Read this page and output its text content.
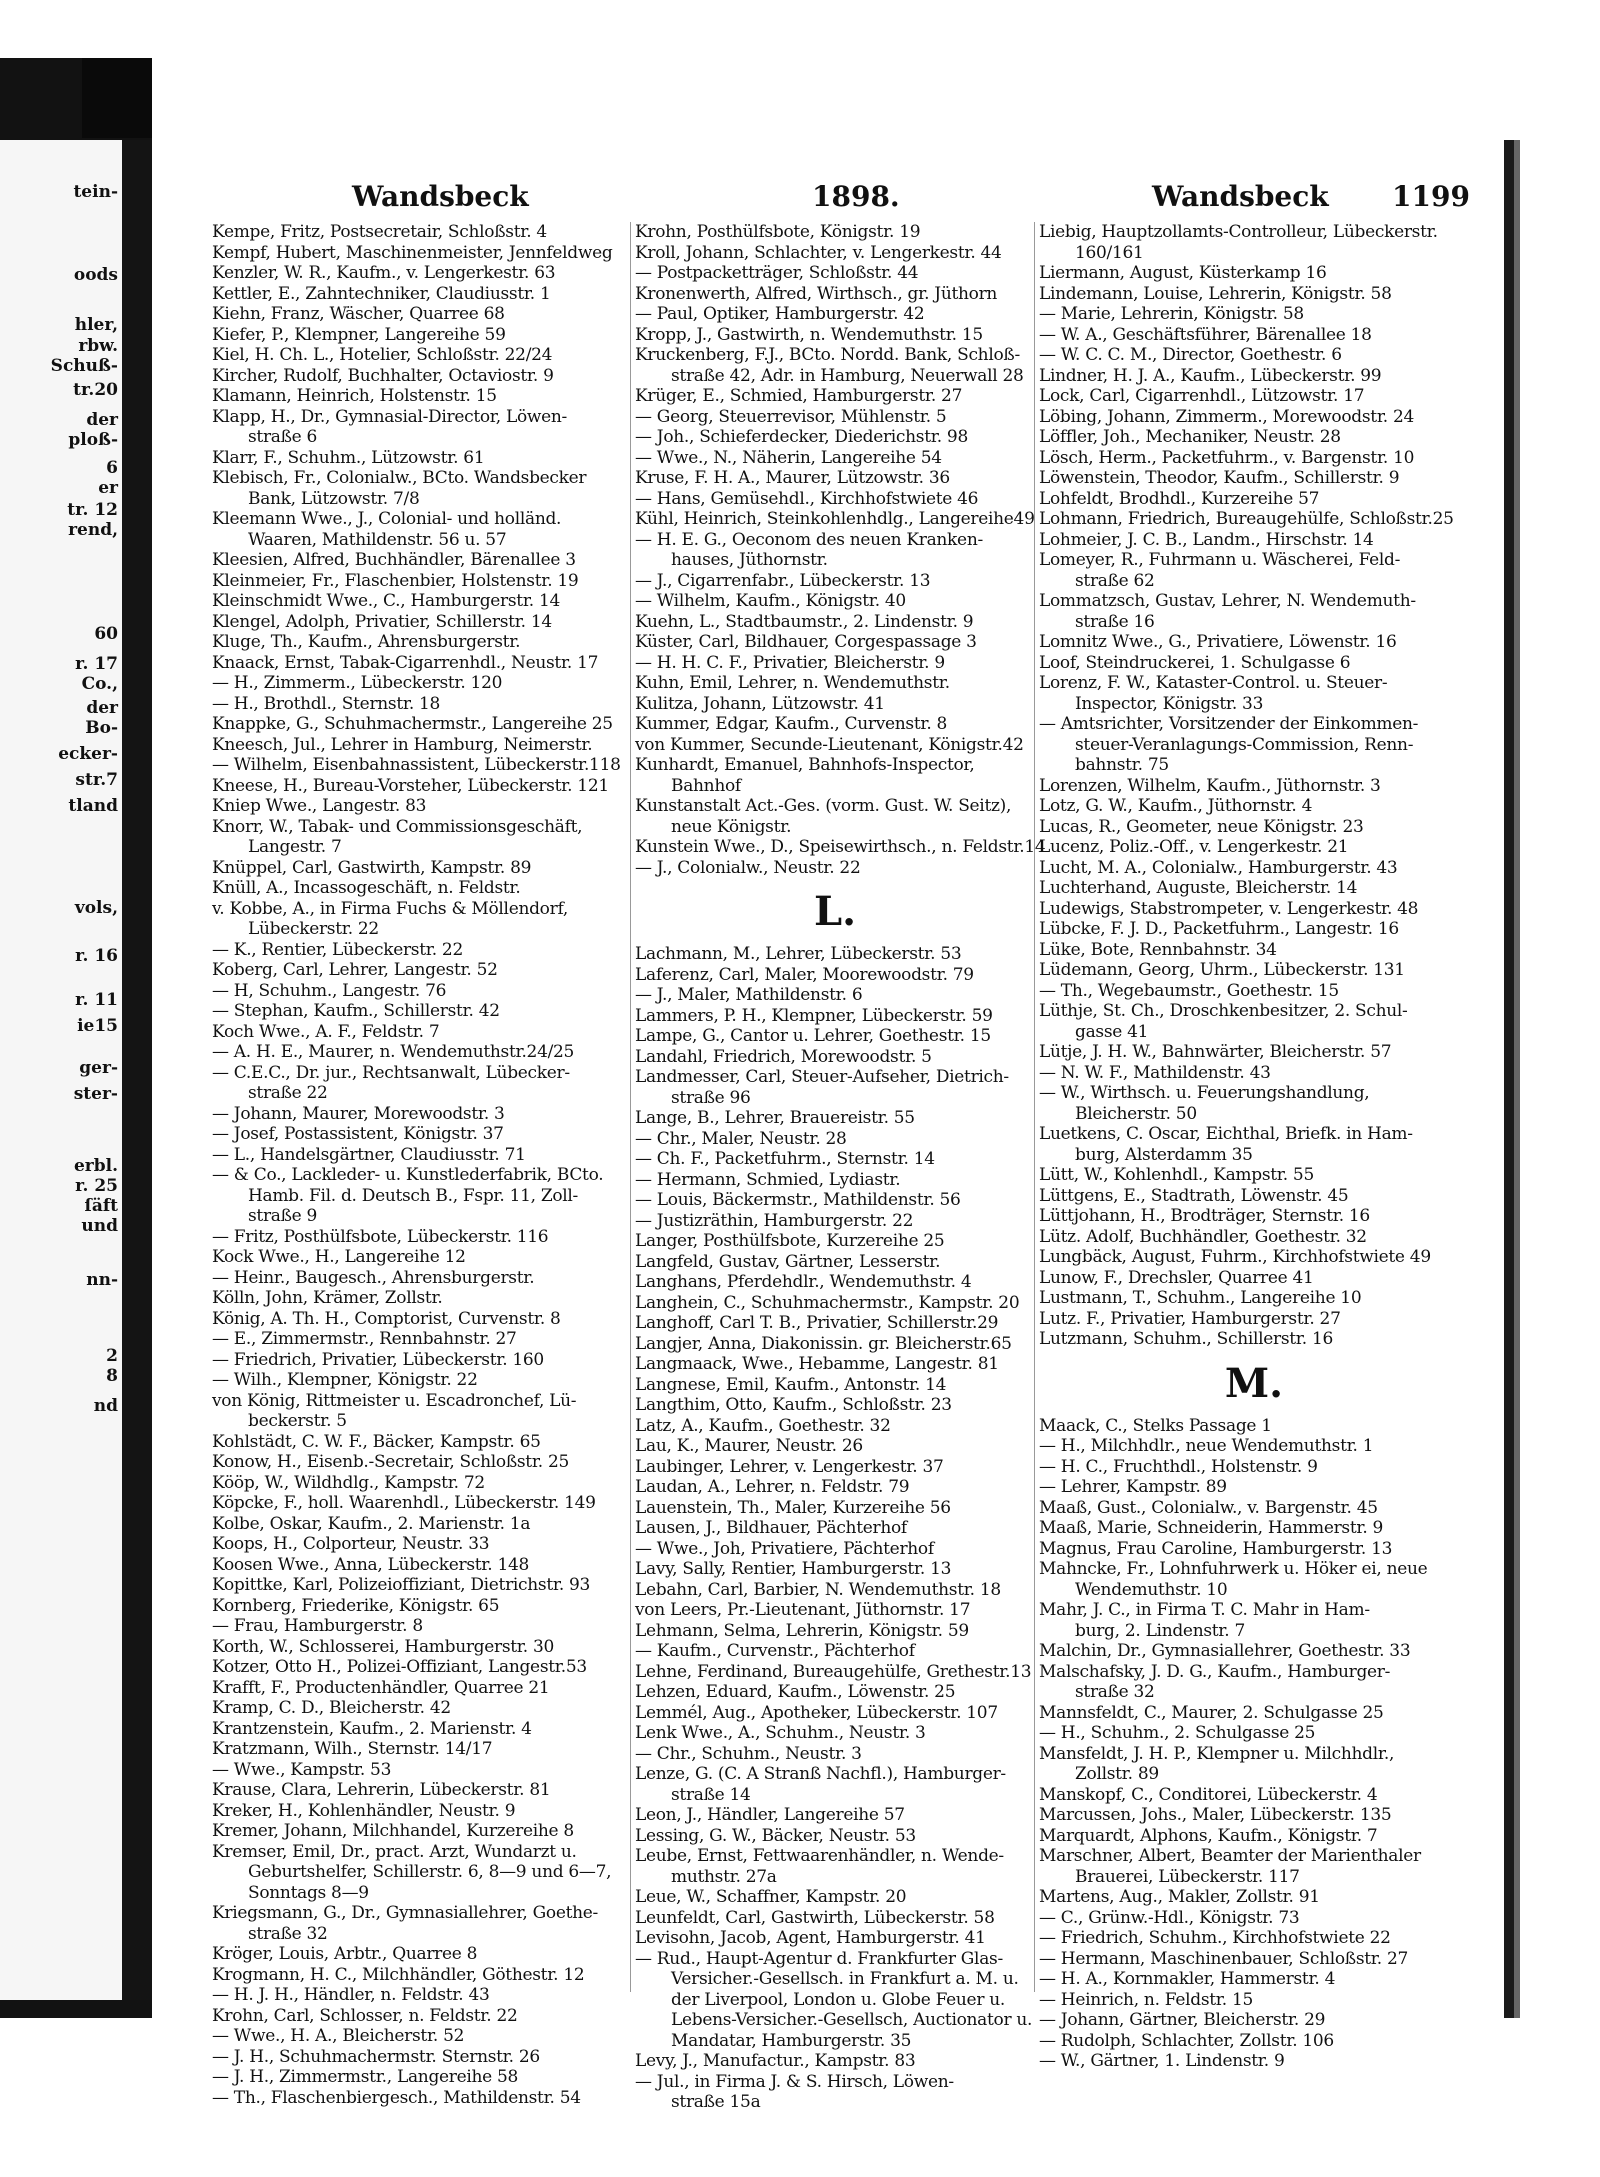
tein-
oods
hler,
rbw.
Schuß-
tr.20
der
ploß-
6
er
tr. 12
rend,
60
r. 17
Co.,
der
Bo-
ecker-
str.7
tland
vols,
r. 16
r. 11
ie15
ger-
ster-
erbl.
r. 25
ſäft
und
nn-
2
8
nd
Wandsbeck	1898.	Wandsbeck 1199
Kempe, Fritz, Postsecretair, Schloßstr. 4
Kempf, Hubert, Maschinenmeister, Jennfeldweg
Kenzler, W. R., Kaufm., v. Lengerkestr. 63
Kettler, E., Zahntechniker, Claudiusstr. 1
Kiehn, Franz, Wäscher, Quarree 68
Kiefer, P., Klempner, Langereihe 59
Kiel, H. Ch. L., Hotelier, Schloßstr. 22/24
Kircher, Rudolf, Buchhalter, Octaviostr. 9
Klamann, Heinrich, Holstenstr. 15
Klapp, H., Dr., Gymnasial-Director, Löwen-
straße 6
Klarr, F., Schuhm., Lützowstr. 61
Klebisch, Fr., Colonialw., BCto. Wandsbecker
Bank, Lützowstr. 7/8
Kleemann Wwe., J., Colonial- und holländ.
Waaren, Mathildenstr. 56 u. 57
Kleesien, Alfred, Buchhändler, Bärenallee 3
Kleinmeier, Fr., Flaschenbier, Holstenstr. 19
Kleinschmidt Wwe., C., Hamburgerstr. 14
Klengel, Adolph, Privatier, Schillerstr. 14
Kluge, Th., Kaufm., Ahrensburgerstr.
Knaack, Ernst, Tabak-Cigarrenhdl., Neustr. 17
— H., Zimmerm., Lübeckerstr. 120
— H., Brothdl., Sternstr. 18
Knappke, G., Schuhmachermstr., Langereihe 25
Kneesch, Jul., Lehrer in Hamburg, Neimerstr.
— Wilhelm, Eisenbahnassistent, Lübeckerstr.118
Kneese, H., Bureau-Vorsteher, Lübeckerstr. 121
Kniep Wwe., Langestr. 83
Knorr, W., Tabak- und Commissionsgeschäft,
Langestr. 7
Knüppel, Carl, Gastwirth, Kampstr. 89
Knüll, A., Incassogeschäft, n. Feldstr.
v. Kobbe, A., in Firma Fuchs & Möllendorf,
Lübeckerstr. 22
— K., Rentier, Lübeckerstr. 22
Koberg, Carl, Lehrer, Langestr. 52
— H, Schuhm., Langestr. 76
— Stephan, Kaufm., Schillerstr. 42
Koch Wwe., A. F., Feldstr. 7
— A. H. E., Maurer, n. Wendemuthstr.24/25
— C.E.C., Dr. jur., Rechtsanwalt, Lübecker-
straße 22
— Johann, Maurer, Morewoodstr. 3
— Josef, Postassistent, Königstr. 37
— L., Handelsgärtner, Claudiusstr. 71
— & Co., Lackleder- u. Kunstlederfabrik, BCto.
Hamb. Fil. d. Deutsch B., Fspr. 11, Zoll-
straße 9
— Fritz, Posthülfsbote, Lübeckerstr. 116
Kock Wwe., H., Langereihe 12
— Heinr., Baugesch., Ahrensburgerstr.
Kölln, John, Krämer, Zollstr.
König, A. Th. H., Comptorist, Curvenstr. 8
— E., Zimmermstr., Rennbahnstr. 27
— Friedrich, Privatier, Lübeckerstr. 160
— Wilh., Klempner, Königstr. 22
von König, Rittmeister u. Escadronchef, Lü-
beckerstr. 5
Kohlstädt, C. W. F., Bäcker, Kampstr. 65
Konow, H., Eisenb.-Secretair, Schloßstr. 25
Kööp, W., Wildhdlg., Kampstr. 72
Köpcke, F., holl. Waarenhdl., Lübeckerstr. 149
Kolbe, Oskar, Kaufm., 2. Marienstr. 1a
Koops, H., Colporteur, Neustr. 33
Koosen Wwe., Anna, Lübeckerstr. 148
Kopittke, Karl, Polizeioffiziant, Dietrichstr. 93
Kornberg, Friederike, Königstr. 65
— Frau, Hamburgerstr. 8
Korth, W., Schlosserei, Hamburgerstr. 30
Kotzer, Otto H., Polizei-Offiziant, Langestr.53
Krafft, F., Productenhändler, Quarree 21
Kramp, C. D., Bleicherstr. 42
Krantzenstein, Kaufm., 2. Marienstr. 4
Kratzmann, Wilh., Sternstr. 14/17
— Wwe., Kampstr. 53
Krause, Clara, Lehrerin, Lübeckerstr. 81
Kreker, H., Kohlenhändler, Neustr. 9
Kremer, Johann, Milchhandel, Kurzereihe 8
Kremser, Emil, Dr., pract. Arzt, Wundarzt u.
Geburtshelfer, Schillerstr. 6, 8—9 und 6—7,
Sonntags 8—9
Kriegsmann, G., Dr., Gymnasiallehrer, Goethe-
straße 32
Kröger, Louis, Arbtr., Quarree 8
Krogmann, H. C., Milchhändler, Göthestr. 12
— H. J. H., Händler, n. Feldstr. 43
Krohn, Carl, Schlosser, n. Feldstr. 22
— Wwe., H. A., Bleicherstr. 52
— J. H., Schuhmachermstr. Sternstr. 26
— J. H., Zimmermstr., Langereihe 58
— Th., Flaschenbiergesch., Mathildenstr. 54
Krohn, Posthülfsbote, Königstr. 19
Kroll, Johann, Schlachter, v. Lengerkestr. 44
— Postpacketträger, Schloßstr. 44
Kronenwerth, Alfred, Wirthsch., gr. Jüthorn
— Paul, Optiker, Hamburgerstr. 42
Kropp, J., Gastwirth, n. Wendemuthstr. 15
Kruckenberg, F.J., BCto. Nordd. Bank, Schloß-
straße 42, Adr. in Hamburg, Neuerwall 28
Krüger, E., Schmied, Hamburgerstr. 27
— Georg, Steuerrevisor, Mühlenstr. 5
— Joh., Schieferdecker, Diederichstr. 98
— Wwe., N., Näherin, Langereihe 54
Kruse, F. H. A., Maurer, Lützowstr. 36
— Hans, Gemüsehdl., Kirchhofstwiete 46
Kühl, Heinrich, Steinkohlenhdlg., Langereihe49
— H. E. G., Oeconom des neuen Kranken-
hauses, Jüthornstr.
— J., Cigarrenfabr., Lübeckerstr. 13
— Wilhelm, Kaufm., Königstr. 40
Kuehn, L., Stadtbaumstr., 2. Lindenstr. 9
Küster, Carl, Bildhauer, Corgespassage 3
— H. H. C. F., Privatier, Bleicherstr. 9
Kuhn, Emil, Lehrer, n. Wendemuthstr.
Kulitza, Johann, Lützowstr. 41
Kummer, Edgar, Kaufm., Curvenstr. 8
von Kummer, Secunde-Lieutenant, Königstr.42
Kunhardt, Emanuel, Bahnhofs-Inspector,
Bahnhof
Kunstanstalt Act.-Ges. (vorm. Gust. W. Seitz),
neue Königstr.
Kunstein Wwe., D., Speisewirthsch., n. Feldstr.14
— J., Colonialw., Neustr. 22
L.
Lachmann, M., Lehrer, Lübeckerstr. 53
Laferenz, Carl, Maler, Moorewoodstr. 79
— J., Maler, Mathildenstr. 6
Lammers, P. H., Klempner, Lübeckerstr. 59
Lampe, G., Cantor u. Lehrer, Goethestr. 15
Landahl, Friedrich, Morewoodstr. 5
Landmesser, Carl, Steuer-Aufseher, Dietrich-
straße 96
Lange, B., Lehrer, Brauereistr. 55
— Chr., Maler, Neustr. 28
— Ch. F., Packetfuhrm., Sternstr. 14
— Hermann, Schmied, Lydiastr.
— Louis, Bäckermstr., Mathildenstr. 56
— Justizräthin, Hamburgerstr. 22
Langer, Posthülfsbote, Kurzereihe 25
Langfeld, Gustav, Gärtner, Lesserstr.
Langhans, Pferdehdlr., Wendemuthstr. 4
Langhein, C., Schuhmachermstr., Kampstr. 20
Langhoff, Carl T. B., Privatier, Schillerstr.29
Langjer, Anna, Diakonissin. gr. Bleicherstr.65
Langmaack, Wwe., Hebamme, Langestr. 81
Langnese, Emil, Kaufm., Antonstr. 14
Langthim, Otto, Kaufm., Schloßstr. 23
Latz, A., Kaufm., Goethestr. 32
Lau, K., Maurer, Neustr. 26
Laubinger, Lehrer, v. Lengerkestr. 37
Laudan, A., Lehrer, n. Feldstr. 79
Lauenstein, Th., Maler, Kurzereihe 56
Lausen, J., Bildhauer, Pächterhof
— Wwe., Joh, Privatiere, Pächterhof
Lavy, Sally, Rentier, Hamburgerstr. 13
Lebahn, Carl, Barbier, N. Wendemuthstr. 18
von Leers, Pr.-Lieutenant, Jüthornstr. 17
Lehmann, Selma, Lehrerin, Königstr. 59
— Kaufm., Curvenstr., Pächterhof
Lehne, Ferdinand, Bureaugehülfe, Grethestr.13
Lehzen, Eduard, Kaufm., Löwenstr. 25
Lemmél, Aug., Apotheker, Lübeckerstr. 107
Lenk Wwe., A., Schuhm., Neustr. 3
— Chr., Schuhm., Neustr. 3
Lenze, G. (C. A Stranß Nachfl.), Hamburger-
straße 14
Leon, J., Händler, Langereihe 57
Lessing, G. W., Bäcker, Neustr. 53
Leube, Ernst, Fettwaarenhändler, n. Wende-
muthstr. 27a
Leue, W., Schaffner, Kampstr. 20
Leunfeldt, Carl, Gastwirth, Lübeckerstr. 58
Levisohn, Jacob, Agent, Hamburgerstr. 41
— Rud., Haupt-Agentur d. Frankfurter Glas-
Versicher.-Gesellsch. in Frankfurt a. M. u.
der Liverpool, London u. Globe Feuer u.
Lebens-Versicher.-Gesellsch, Auctionator u.
Mandatar, Hamburgerstr. 35
Levy, J., Manufactur., Kampstr. 83
— Jul., in Firma J. & S. Hirsch, Löwen-
straße 15a
Liebig, Hauptzollamts-Controlleur, Lübeckerstr.
160/161
Liermann, August, Küsterkamp 16
Lindemann, Louise, Lehrerin, Königstr. 58
— Marie, Lehrerin, Königstr. 58
— W. A., Geschäftsführer, Bärenallee 18
— W. C. C. M., Director, Goethestr. 6
Lindner, H. J. A., Kaufm., Lübeckerstr. 99
Lock, Carl, Cigarrenhdl., Lützowstr. 17
Löbing, Johann, Zimmerm., Morewoodstr. 24
Löffler, Joh., Mechaniker, Neustr. 28
Lösch, Herm., Packetfuhrm., v. Bargenstr. 10
Löwenstein, Theodor, Kaufm., Schillerstr. 9
Lohfeldt, Brodhdl., Kurzereihe 57
Lohmann, Friedrich, Bureaugehülfe, Schloßstr.25
Lohmeier, J. C. B., Landm., Hirschstr. 14
Lomeyer, R., Fuhrmann u. Wäscherei, Feld-
straße 62
Lommatzsch, Gustav, Lehrer, N. Wendemuth-
straße 16
Lomnitz Wwe., G., Privatiere, Löwenstr. 16
Loof, Steindruckerei, 1. Schulgasse 6
Lorenz, F. W., Kataster-Control. u. Steuer-
Inspector, Königstr. 33
— Amtsrichter, Vorsitzender der Einkommen-
steuer-Veranlagungs-Commission, Renn-
bahnstr. 75
Lorenzen, Wilhelm, Kaufm., Jüthornstr. 3
Lotz, G. W., Kaufm., Jüthornstr. 4
Lucas, R., Geometer, neue Königstr. 23
Lucenz, Poliz.-Off., v. Lengerkestr. 21
Lucht, M. A., Colonialw., Hamburgerstr. 43
Luchterhand, Auguste, Bleicherstr. 14
Ludewigs, Stabstrompeter, v. Lengerkestr. 48
Lübcke, F. J. D., Packetfuhrm., Langestr. 16
Lüke, Bote, Rennbahnstr. 34
Lüdemann, Georg, Uhrm., Lübeckerstr. 131
— Th., Wegebaumstr., Goethestr. 15
Lüthje, St. Ch., Droschkenbesitzer, 2. Schul-
gasse 41
Lütje, J. H. W., Bahnwärter, Bleicherstr. 57
— N. W. F., Mathildenstr. 43
— W., Wirthsch. u. Feuerungshandlung,
Bleicherstr. 50
Luetkens, C. Oscar, Eichthal, Briefk. in Ham-
burg, Alsterdamm 35
Lütt, W., Kohlenhdl., Kampstr. 55
Lüttgens, E., Stadtrath, Löwenstr. 45
Lüttjohann, H., Brodträger, Sternstr. 16
Lütz. Adolf, Buchhändler, Goethestr. 32
Lungbäck, August, Fuhrm., Kirchhofstwiete 49
Lunow, F., Drechsler, Quarree 41
Lustmann, T., Schuhm., Langereihe 10
Lutz. F., Privatier, Hamburgerstr. 27
Lutzmann, Schuhm., Schillerstr. 16
M.
Maack, C., Stelks Passage 1
— H., Milchhdlr., neue Wendemuthstr. 1
— H. C., Fruchthdl., Holstenstr. 9
— Lehrer, Kampstr. 89
Maaß, Gust., Colonialw., v. Bargenstr. 45
Maaß, Marie, Schneiderin, Hammerstr. 9
Magnus, Frau Caroline, Hamburgerstr. 13
Mahncke, Fr., Lohnfuhrwerk u. Höker ei, neue
Wendemuthstr. 10
Mahr, J. C., in Firma T. C. Mahr in Ham-
burg, 2. Lindenstr. 7
Malchin, Dr., Gymnasiallehrer, Goethestr. 33
Malschafsky, J. D. G., Kaufm., Hamburger-
straße 32
Mannsfeldt, C., Maurer, 2. Schulgasse 25
— H., Schuhm., 2. Schulgasse 25
Mansfeldt, J. H. P., Klempner u. Milchhdlr.,
Zollstr. 89
Manskopf, C., Conditorei, Lübeckerstr. 4
Marcussen, Johs., Maler, Lübeckerstr. 135
Marquardt, Alphons, Kaufm., Königstr. 7
Marschner, Albert, Beamter der Marienthaler
Brauerei, Lübeckerstr. 117
Martens, Aug., Makler, Zollstr. 91
— C., Grünw.-Hdl., Königstr. 73
— Friedrich, Schuhm., Kirchhofstwiete 22
— Hermann, Maschinenbauer, Schloßstr. 27
— H. A., Kornmakler, Hammerstr. 4
— Heinrich, n. Feldstr. 15
— Johann, Gärtner, Bleicherstr. 29
— Rudolph, Schlachter, Zollstr. 106
— W., Gärtner, 1. Lindenstr. 9
